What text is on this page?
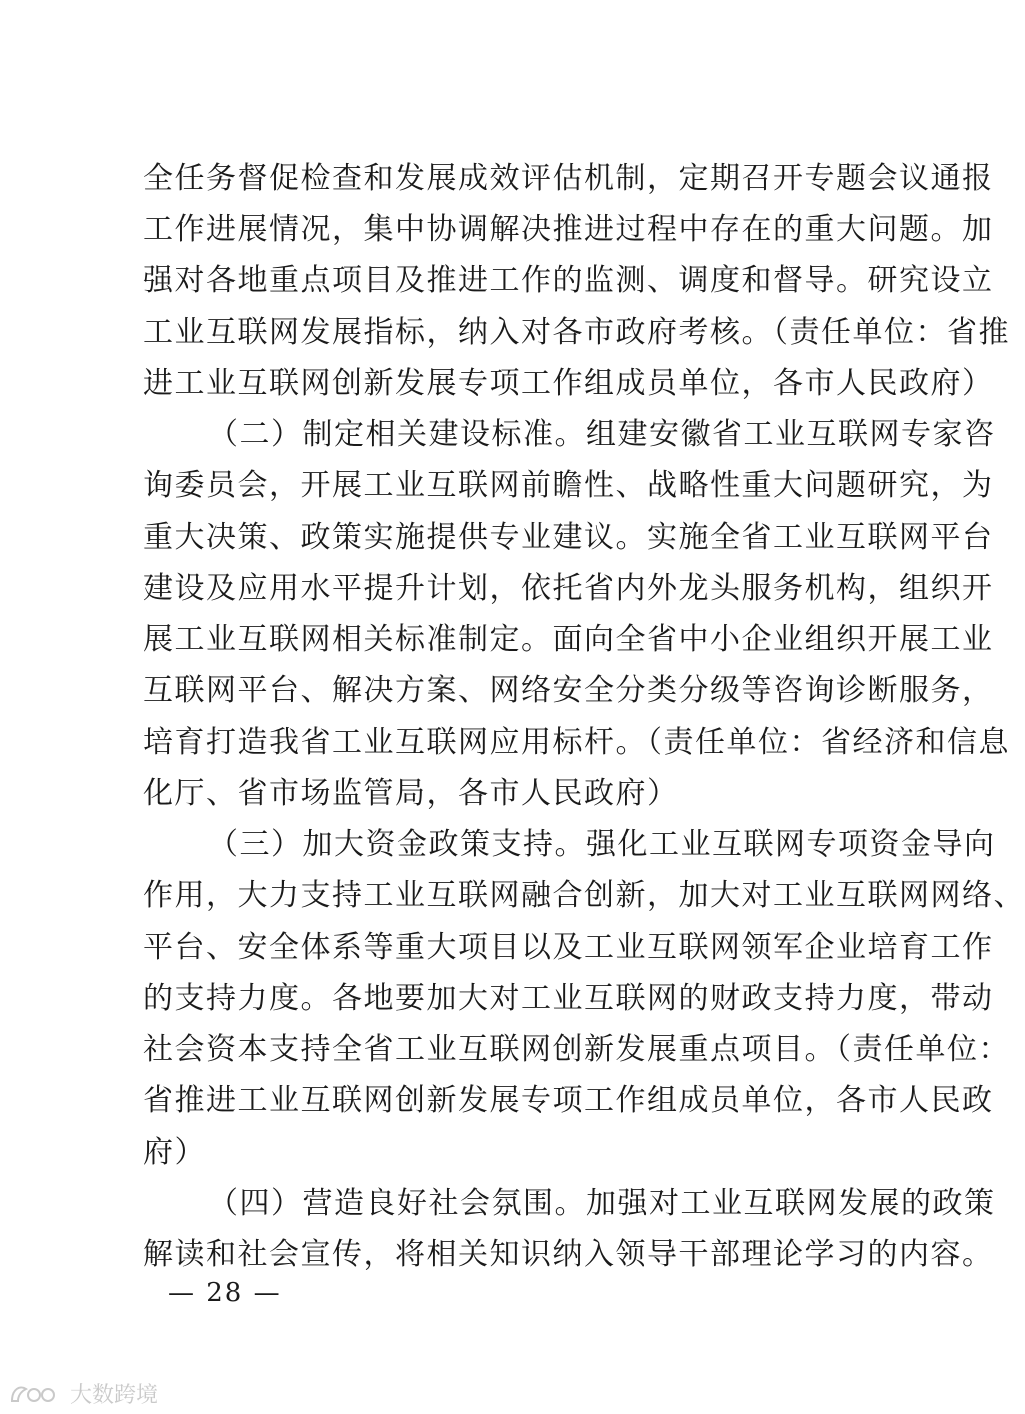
全任务督促检查和发展成效评估机制，定期召开专题会议通报
工作进展情况，集中协调解决推进过程中存在的重大问题。加
强对各地重点项目及推进工作的监测、调度和督导。研究设立
工业互联网发展指标，纳入对各市政府考核。（责任单位：省推
进工业互联网创新发展专项工作组成员单位，各市人民政府）
（二）制定相关建设标准。组建安徽省工业互联网专家咨
询委员会，开展工业互联网前瞻性、战略性重大问题研究，为
重大决策、政策实施提供专业建议。实施全省工业互联网平台
建设及应用水平提升计划，依托省内外龙头服务机构，组织开
展工业互联网相关标准制定。面向全省中小企业组织开展工业
互联网平台、解决方案、网络安全分类分级等咨询诊断服务，
培育打造我省工业互联网应用标杆。（责任单位：省经济和信息
化厅、省市场监管局，各市人民政府）
（三）加大资金政策支持。强化工业互联网专项资金导向
作用，大力支持工业互联网融合创新，加大对工业互联网网络、
平台、安全体系等重大项目以及工业互联网领军企业培育工作
的支持力度。各地要加大对工业互联网的财政支持力度，带动
社会资本支持全省工业互联网创新发展重点项目。（责任单位：
省推进工业互联网创新发展专项工作组成员单位，各市人民政
府）
（四）营造良好社会氛围。加强对工业互联网发展的政策
解读和社会宣传，将相关知识纳入领导干部理论学习的内容。
— 28 —
大数跨境
